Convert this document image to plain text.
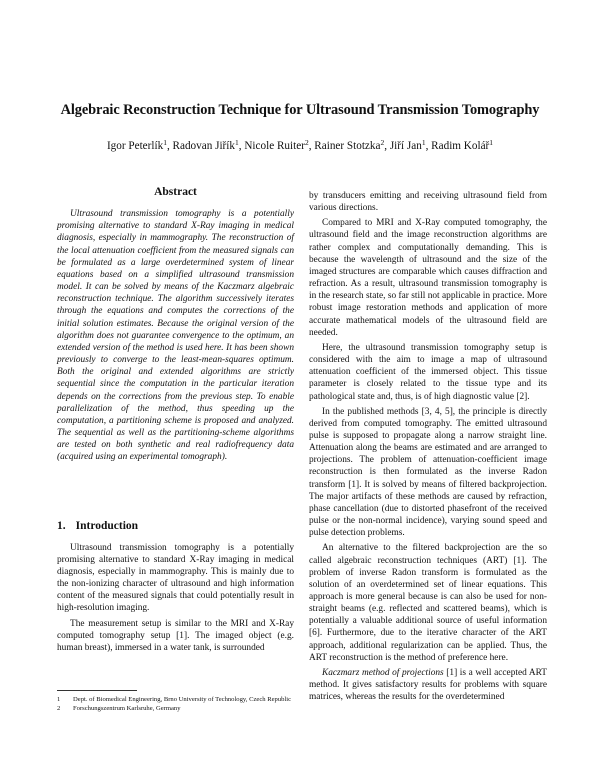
Algebraic Reconstruction Technique for Ultrasound Transmission Tomography
Igor Peterlík$^1$, Radovan Jiřík$^1$, Nicole Ruiter$^2$, Rainer Stotzka$^2$, Jiří Jan$^1$, Radim Kolář$^1$
Abstract

Ultrasound transmission tomography is a potentially promising alternative to standard X-Ray imaging in medical diagnosis, especially in mammography. The reconstruction of the local attenuation coefficient from the measured signals can be formulated as a large overdetermined system of linear equations based on a simplified ultrasound transmission model. It can be solved by means of the Kaczmarz algebraic reconstruction technique. The algorithm successively iterates through the equations and computes the corrections of the initial solution estimates. Because the original version of the algorithm does not guarantee convergence to the optimum, an extended version of the method is used here. It has been shown previously to converge to the least-mean-squares optimum. Both the original and extended algorithms are strictly sequential since the computation in the particular iteration depends on the corrections from the previous step. To enable parallelization of the method, thus speeding up the computation, a partitioning scheme is proposed and analyzed. The sequential as well as the partitioning-scheme algorithms are tested on both synthetic and real radiofrequency data (acquired using an experimental tomograph).

1. Introduction

Ultrasound transmission tomography is a potentially promising alternative to standard X-Ray imaging in medical diagnosis, especially in mammography. This is mainly due to the non-ionizing character of ultrasound and high information content of the measured signals that could potentially result in high-resolution imaging.

The measurement setup is similar to the MRI and X-Ray computed tomography setup [1]. The imaged object (e.g. human breast), immersed in a water tank, is surrounded

by transducers emitting and receiving ultrasound field from various directions.

Compared to MRI and X-Ray computed tomography, the ultrasound field and the image reconstruction algorithms are rather complex and computationally demanding. This is because the wavelength of ultrasound and the size of the imaged structures are comparable which causes diffraction and refraction. As a result, ultrasound transmission tomography is in the research state, so far still not applicable in practice. More robust image restoration methods and application of more accurate mathematical models of the ultrasound field are needed.

Here, the ultrasound transmission tomography setup is considered with the aim to image a map of ultrasound attenuation coefficient of the immersed object. This tissue parameter is closely related to the tissue type and its pathological state and, thus, is of high diagnostic value [2].

In the published methods [3, 4, 5], the principle is directly derived from computed tomography. The emitted ultrasound pulse is supposed to propagate along a narrow straight line. Attenuation along the beams are estimated and are arranged to projections. The problem of attenuation-coefficient image reconstruction is then formulated as the inverse Radon transform [1]. It is solved by means of filtered backprojection. The major artifacts of these methods are caused by refraction, phase cancellation (due to distorted phasefront of the received pulse or the non-normal incidence), varying sound speed and pulse detection problems.

An alternative to the filtered backprojection are the so called algebraic reconstruction techniques (ART) [1]. The problem of inverse Radon transform is formulated as the solution of an overdetermined set of linear equations. This approach is more general because is can also be used for non-straight beams (e.g. reflected and scattered beams), which is potentially a valuable additional source of useful information [6]. Furthermore, due to the iterative character of the ART approach, additional regularization can be applied. Thus, the ART reconstruction is the method of preference here.

Kaczmarz method of projections [1] is a well accepted ART method. It gives satisfactory results for problems with square matrices, whereas the results for the overdetermined

1	Dept. of Biomedical Engineering, Brno University of Technology, Czech Republic
2	Forschungszentrum Karlsruhe, Germany
